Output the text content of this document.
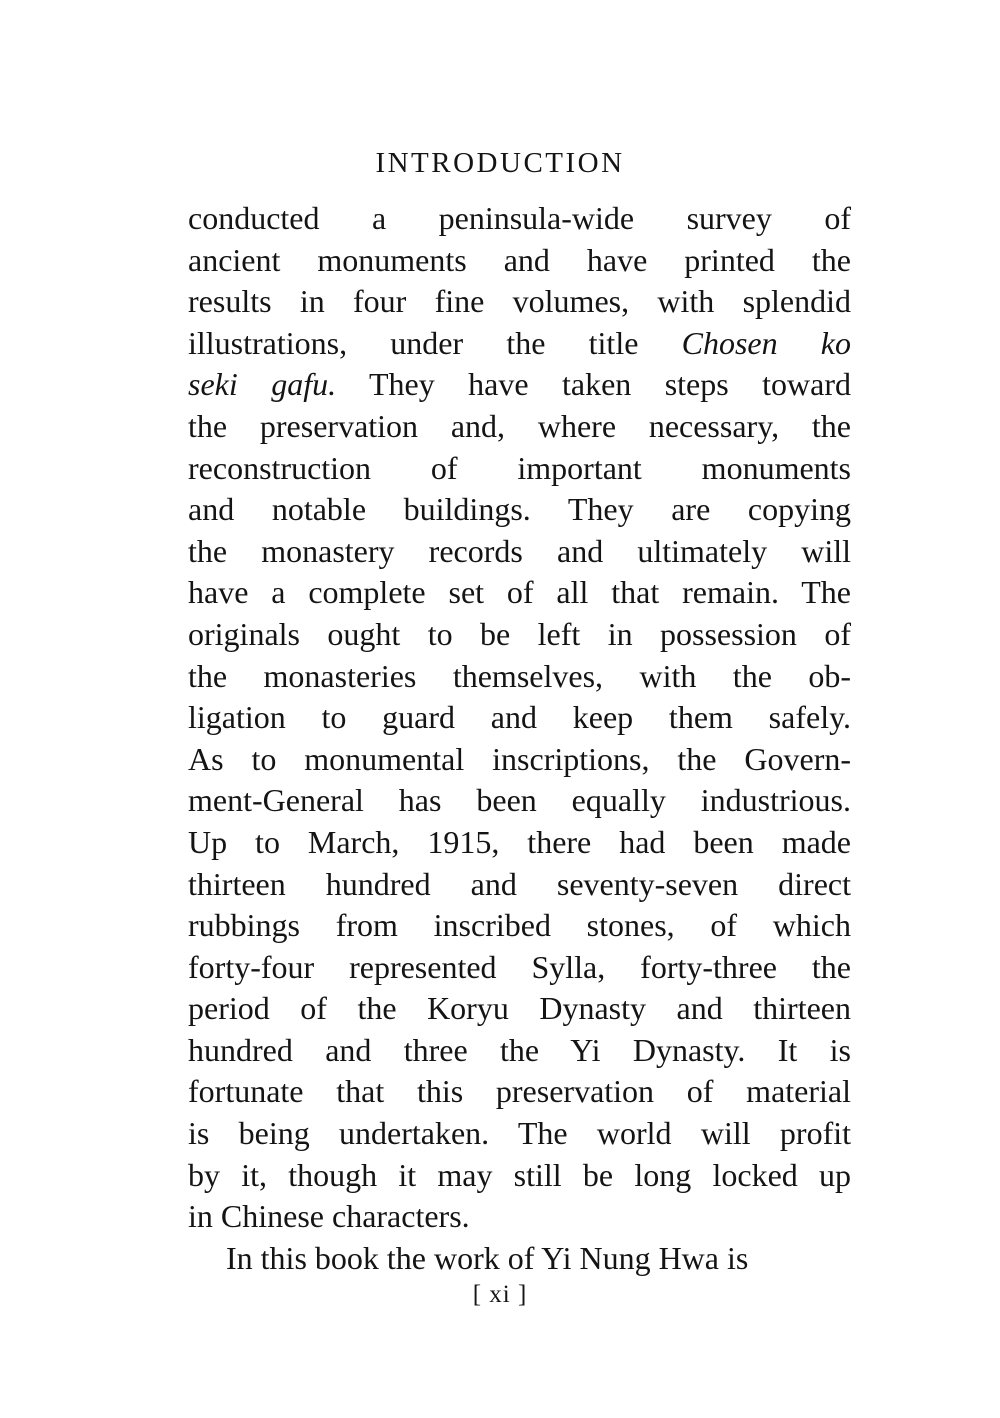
INTRODUCTION
conducted a peninsula-wide survey of
ancient monuments and have printed the
results in four fine volumes, with splendid
illustrations, under the title Chosen ko
seki gafu. They have taken steps toward
the preservation and, where necessary, the
reconstruction of important monuments
and notable buildings. They are copying
the monastery records and ultimately will
have a complete set of all that remain. The
originals ought to be left in possession of
the monasteries themselves, with the ob-
ligation to guard and keep them safely.
As to monumental inscriptions, the Govern-
ment-General has been equally industrious.
Up to March, 1915, there had been made
thirteen hundred and seventy-seven direct
rubbings from inscribed stones, of which
forty-four represented Sylla, forty-three the
period of the Koryu Dynasty and thirteen
hundred and three the Yi Dynasty. It is
fortunate that this preservation of material
is being undertaken. The world will profit
by it, though it may still be long locked up
in Chinese characters.
In this book the work of Yi Nung Hwa is
[ xi ]
